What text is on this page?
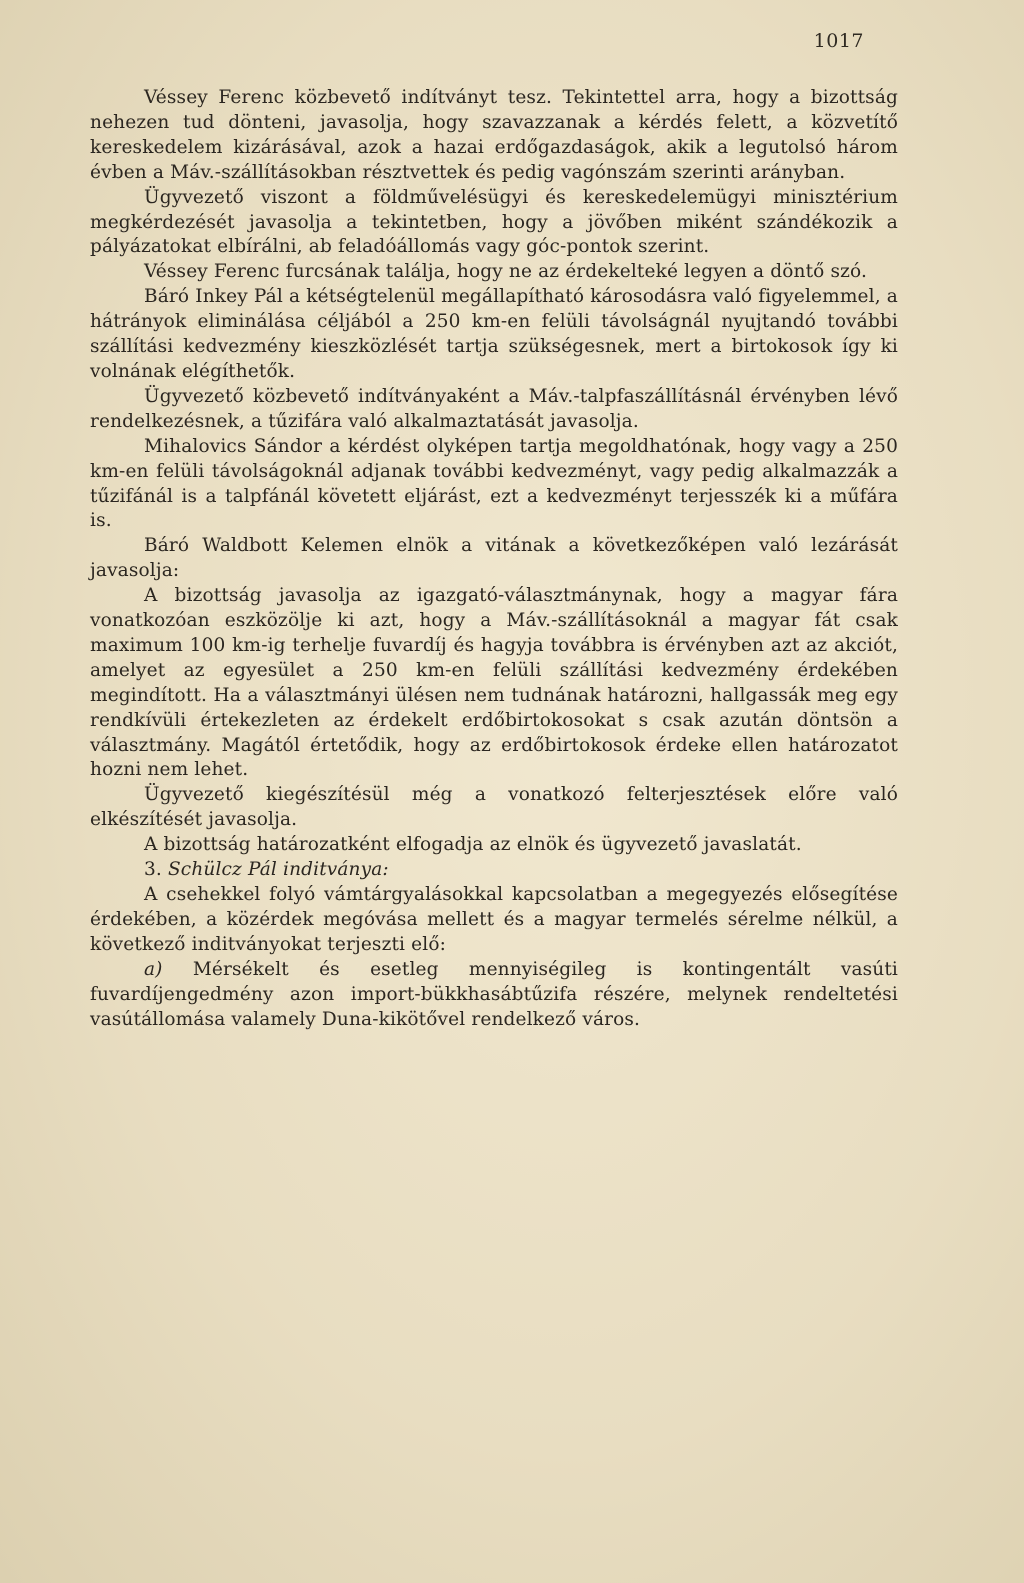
1017

Véssey Ferenc közbevető indítványt tesz. Tekintettel arra, hogy a bizottság nehezen tud dönteni, javasolja, hogy szavazzanak a kérdés felett, a közvetítő kereskedelem kizárásával, azok a hazai erdőgazdaságok, akik a legutolsó három évben a Máv.-szállításokban résztvettek és pedig vagónszám szerinti arányban.

Ügyvezető viszont a földművelésügyi és kereskedelemügyi minisztérium megkérdezését javasolja a tekintetben, hogy a jövőben miként szándékozik a pályázatokat elbírálni, ab feladóállomás vagy góc-pontok szerint.

Véssey Ferenc furcsának találja, hogy ne az érdekelteké legyen a döntő szó.

Báró Inkey Pál a kétségtelenül megállapítható károsodásra való figyelemmel, a hátrányok eliminálása céljából a 250 km-en felüli távolságnál nyujtandó további szállítási kedvezmény kieszközlését tartja szükségesnek, mert a birtokosok így ki volnának elégíthetők.

Ügyvezető közbevető indítványaként a Máv.-talpfaszállításnál érvényben lévő rendelkezésnek, a tűzifára való alkalmaztatását javasolja.

Mihalovics Sándor a kérdést olyképen tartja megoldhatónak, hogy vagy a 250 km-en felüli távolságoknál adjanak további kedvezményt, vagy pedig alkalmazzák a tűzifánál is a talpfánál követett eljárást, ezt a kedvezményt terjesszék ki a műfára is.

Báró Waldbott Kelemen elnök a vitának a következőképen való lezárását javasolja:

A bizottság javasolja az igazgató-választmánynak, hogy a magyar fára vonatkozóan eszközölje ki azt, hogy a Máv.-szállításoknál a magyar fát csak maximum 100 km-ig terhelje fuvardíj és hagyja továbbra is érvényben azt az akciót, amelyet az egyesület a 250 km-en felüli szállítási kedvezmény érdekében megindított. Ha a választmányi ülésen nem tudnának határozni, hallgassák meg egy rendkívüli értekezleten az érdekelt erdőbirtokosokat s csak azután döntsön a választmány. Magától értetődik, hogy az erdőbirtokosok érdeke ellen határozatot hozni nem lehet.

Ügyvezető kiegészítésül még a vonatkozó felterjesztések előre való elkészítését javasolja.

A bizottság határozatként elfogadja az elnök és ügyvezető javaslatát.

3. Schülcz Pál inditványa:

A csehekkel folyó vámtárgyalásokkal kapcsolatban a megegyezés elősegítése érdekében, a közérdek megóvása mellett és a magyar termelés sérelme nélkül, a következő inditványokat terjeszti elő:

a) Mérsékelt és esetleg mennyiségileg is kontingentált vasúti fuvardíjengedmény azon import-bükkhasábtűzifa részére, melynek rendeltetési vasútállomása valamely Duna-kikötővel rendelkező város.
